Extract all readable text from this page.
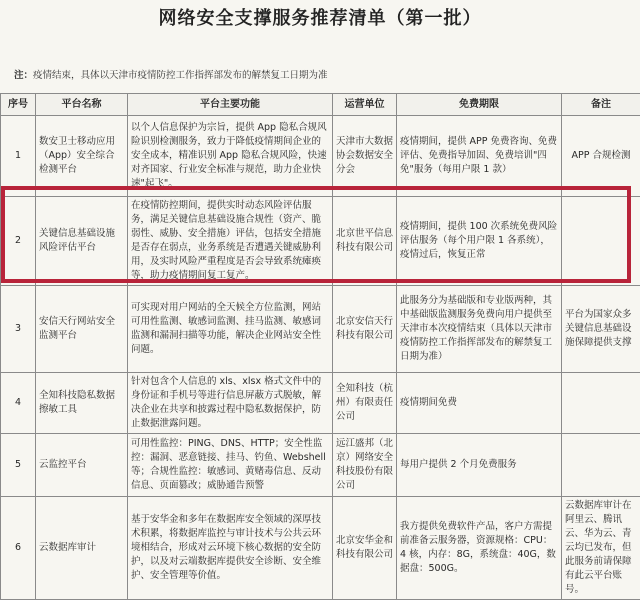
网络安全支撑服务推荐清单（第一批）
注：疫情结束，具体以天津市疫情防控工作指挥部发布的解禁复工日期为准
序号	平台名称	平台主要功能	运营单位	免费期限	备注
1	数安卫士移动应用（App）安全综合检测平台	以个人信息保护为宗旨，提供 App 隐私合规风险识别检测服务，致力于降低疫情期间企业的安全成本，精准识别 App 隐私合规风险，快速对齐国家、行业安全标准与规范，助力企业快速"起飞"。	天津市大数据协会数据安全分会	疫情期间，提供 APP 免费咨询、免费评估、免费指导加固、免费培训"四免"服务（每用户限 1 款）	APP 合规检测
2	关键信息基础设施风险评估平台	在疫情防控期间，提供实时动态风险评估服务，满足关键信息基础设施合规性（资产、脆弱性、威胁、安全措施）评估，包括安全措施是否存在弱点，业务系统是否遭遇关键威胁利用，及实时风险严重程度是否会导致系统瘫痪等，助力疫情期间复工复产。	北京世平信息科技有限公司	疫情期间，提供 100 次系统免费风险评估服务（每个用户限 1 各系统），疫情过后，恢复正常	
3	安信天行网站安全监测平台	可实现对用户网站的全天候全方位监测，网站可用性监测、敏感词监测、挂马监测、敏感词监测和漏洞扫描等功能，解决企业网站安全性问题。	北京安信天行科技有限公司	此服务分为基础版和专业版两种，其中基础版监测服务免费向用户提供至天津市本次疫情结束（具体以天津市疫情防控工作指挥部发布的解禁复工日期为准）	平台为国家众多关键信息基础设施保障提供支撑
4	全知科技隐私数据擦敏工具	针对包含个人信息的 xls、xlsx 格式文件中的身份证和手机号等进行信息屏蔽方式脱敏，解决企业在共享和披露过程中隐私数据保护，防止数据泄露问题。	全知科技（杭州）有限责任公司	疫情期间免费	
5	云监控平台	可用性监控：PING、DNS、HTTP；安全性监控：漏洞、恶意链接、挂马、钓鱼、Webshell等；合规性监控：敏感词、黄赌毒信息、反动信息、页面篡改；威胁通告预警	远江盛邦（北京）网络安全科技股份有限公司	每用户提供 2 个月免费服务	
6	云数据库审计	基于安华金和多年在数据库安全领域的深厚技术积累，将数据库监控与审计技术与公共云环境相结合，形成对云环境下核心数据的安全防护，以及对云端数据库提供安全诊断、安全维护、安全管理等价值。	北京安华金和科技有限公司	我方提供免费软件产品，客户方需提前准备云服务器，资源规格：CPU：4 核，内存：8G，系统盘：40G，数据盘：500G。	云数据库审计在阿里云、腾讯云、华为云、青云均已发布，但此服务前请保障有此云平台账号。
